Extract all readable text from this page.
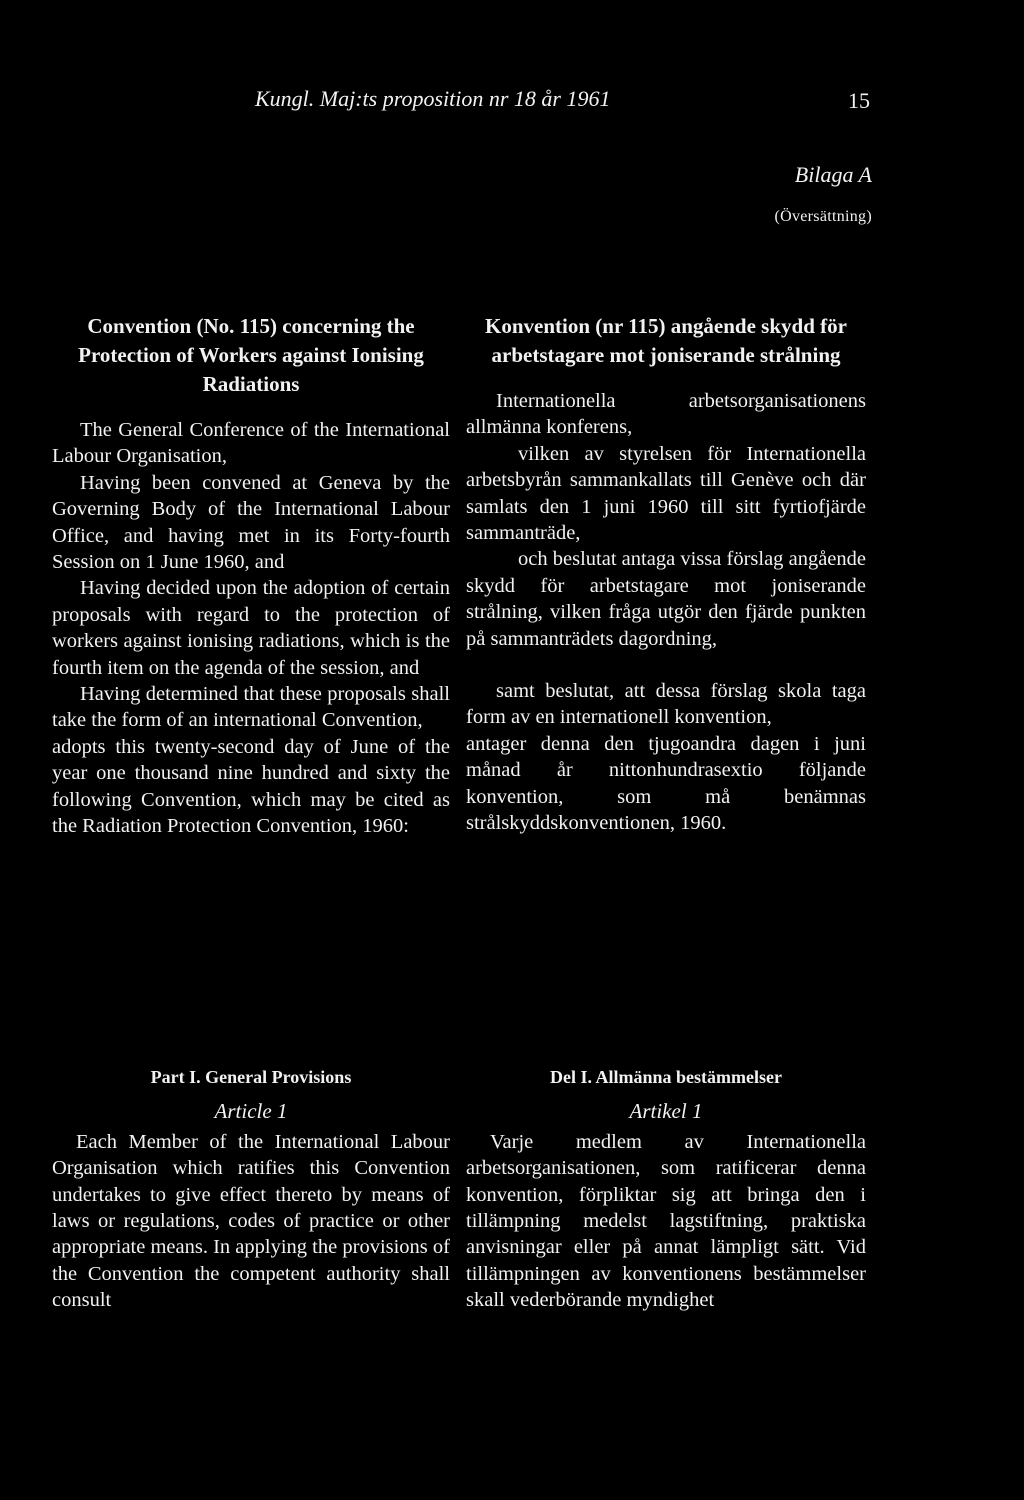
Kungl. Maj:ts proposition nr 18 år 1961	15
Bilaga A
(Översättning)
Convention (No. 115) concerning the Protection of Workers against Ionising Radiations
The General Conference of the International Labour Organisation,
Having been convened at Geneva by the Governing Body of the International Labour Office, and having met in its Forty-fourth Session on 1 June 1960, and
Having decided upon the adoption of certain proposals with regard to the protection of workers against ionising radiations, which is the fourth item on the agenda of the session, and
Having determined that these proposals shall take the form of an international Convention,
adopts this twenty-second day of June of the year one thousand nine hundred and sixty the following Convention, which may be cited as the Radiation Protection Convention, 1960:
Konvention (nr 115) angående skydd för arbetstagare mot joniserande strålning
Internationella arbetsorganisationens allmänna konferens,
vilken av styrelsen för Internationella arbetsbyrån sammankallats till Genève och där samlats den 1 juni 1960 till sitt fyrtiofjärde sammanträde,
och beslutat antaga vissa förslag angående skydd för arbetstagare mot joniserande strålning, vilken fråga utgör den fjärde punkten på sammanträdets dagordning,
samt beslutat, att dessa förslag skola taga form av en internationell konvention,
antager denna den tjugoandra dagen i juni månad år nittonhundrasextio följande konvention, som må benämnas strålskyddskonventionen, 1960.
Part I. General Provisions
Article 1
Each Member of the International Labour Organisation which ratifies this Convention undertakes to give effect thereto by means of laws or regulations, codes of practice or other appropriate means. In applying the provisions of the Convention the competent authority shall consult
Del I. Allmänna bestämmelser
Artikel 1
Varje medlem av Internationella arbetsorganisationen, som ratificerar denna konvention, förpliktar sig att bringa den i tillämpning medelst lagstiftning, praktiska anvisningar eller på annat lämpligt sätt. Vid tillämpningen av konventionens bestämmelser skall vederbörande myndighet
